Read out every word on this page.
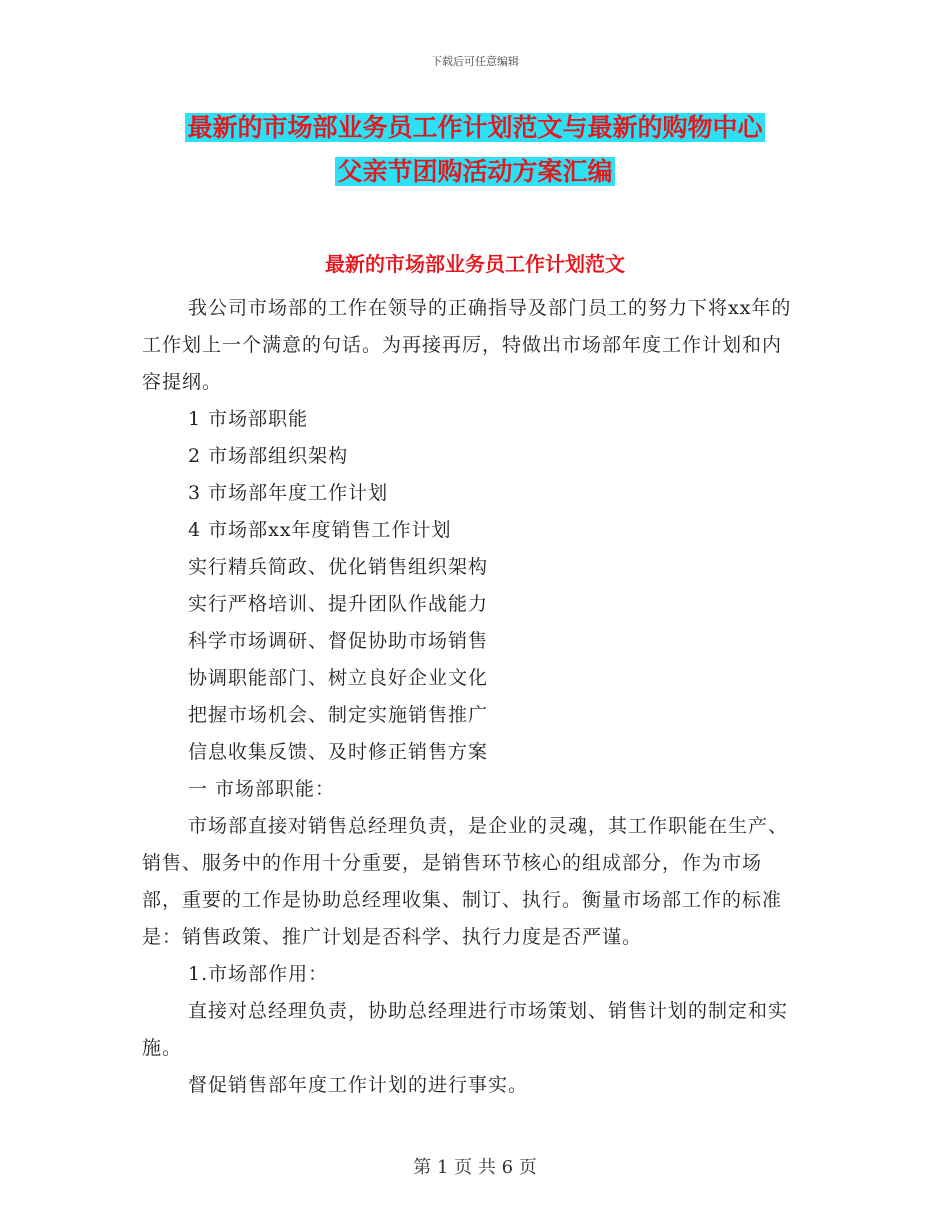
下载后可任意编辑
最新的市场部业务员工作计划范文与最新的购物中心
父亲节团购活动方案汇编
最新的市场部业务员工作计划范文

我公司市场部的工作在领导的正确指导及部门员工的努力下将xx年的工作划上一个满意的句话。为再接再厉，特做出市场部年度工作计划和内容提纲。

1 市场部职能

2 市场部组织架构

3 市场部年度工作计划

4 市场部xx年度销售工作计划

实行精兵简政、优化销售组织架构

实行严格培训、提升团队作战能力

科学市场调研、督促协助市场销售

协调职能部门、树立良好企业文化

把握市场机会、制定实施销售推广

信息收集反馈、及时修正销售方案

一 市场部职能：

市场部直接对销售总经理负责，是企业的灵魂，其工作职能在生产、销售、服务中的作用十分重要，是销售环节核心的组成部分，作为市场部，重要的工作是协助总经理收集、制订、执行。衡量市场部工作的标准是：销售政策、推广计划是否科学、执行力度是否严谨。

1.市场部作用：

直接对总经理负责，协助总经理进行市场策划、销售计划的制定和实施。

督促销售部年度工作计划的进行事实。

第 1 页 共 6 页
